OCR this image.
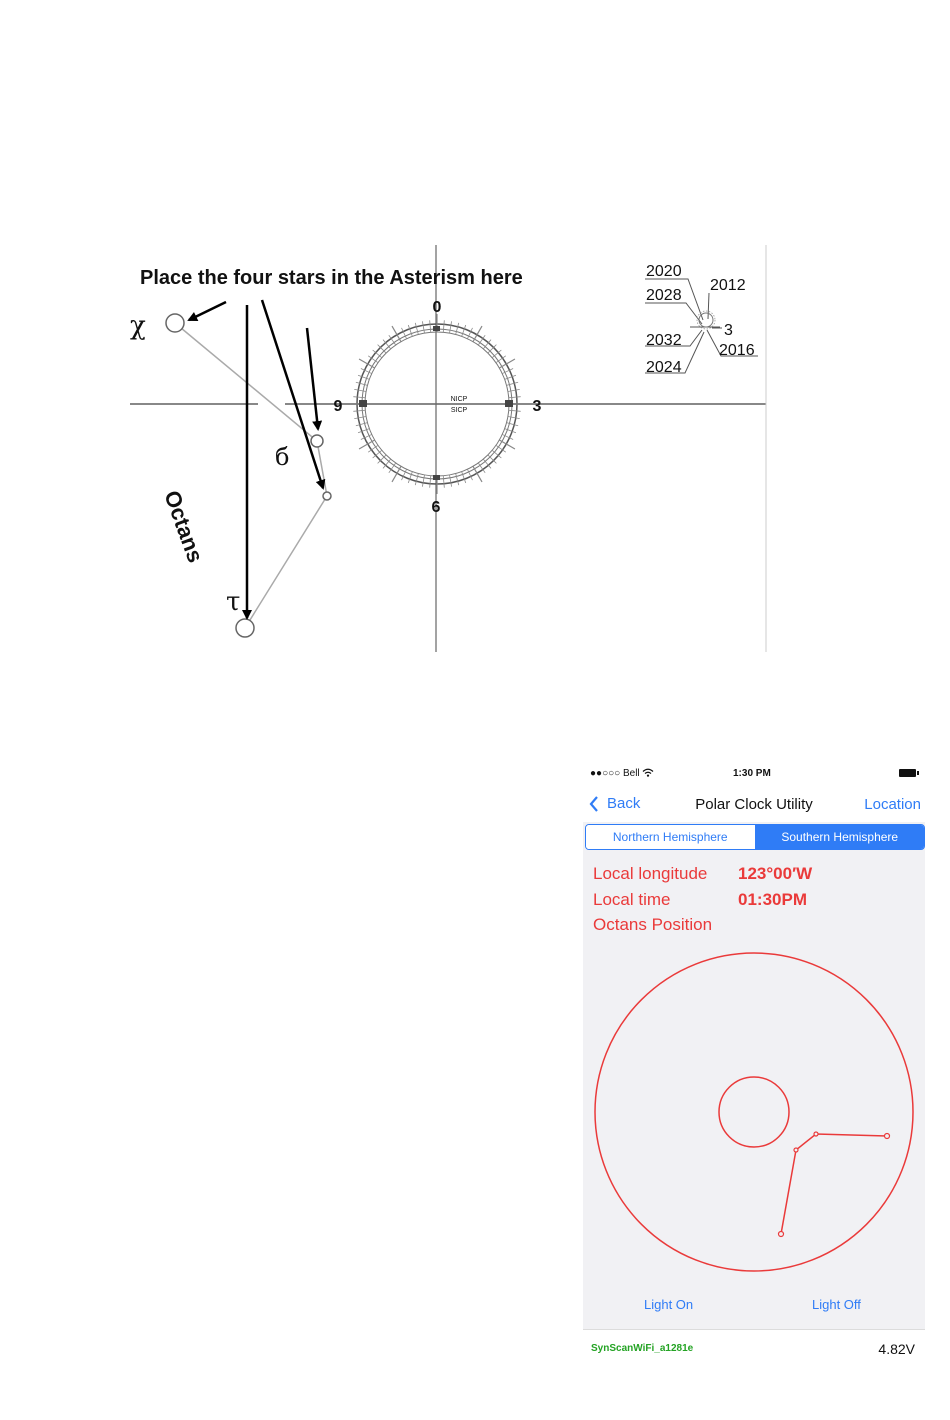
0
9	3
6
NICP
SICP
Place the four stars in the Asterism here
χ
б
τ
Octans
2020
2028
2012
2032
3
2016
2024
●●○○○ Bell	1:30 PM
Back	Polar Clock Utility	Location
Northern Hemisphere	Southern Hemisphere
Local longitude 123°00′W
Local time	01:30PM
Octans Position
Light On	Light Off
SynScanWiFi_a1281e	4.82V
